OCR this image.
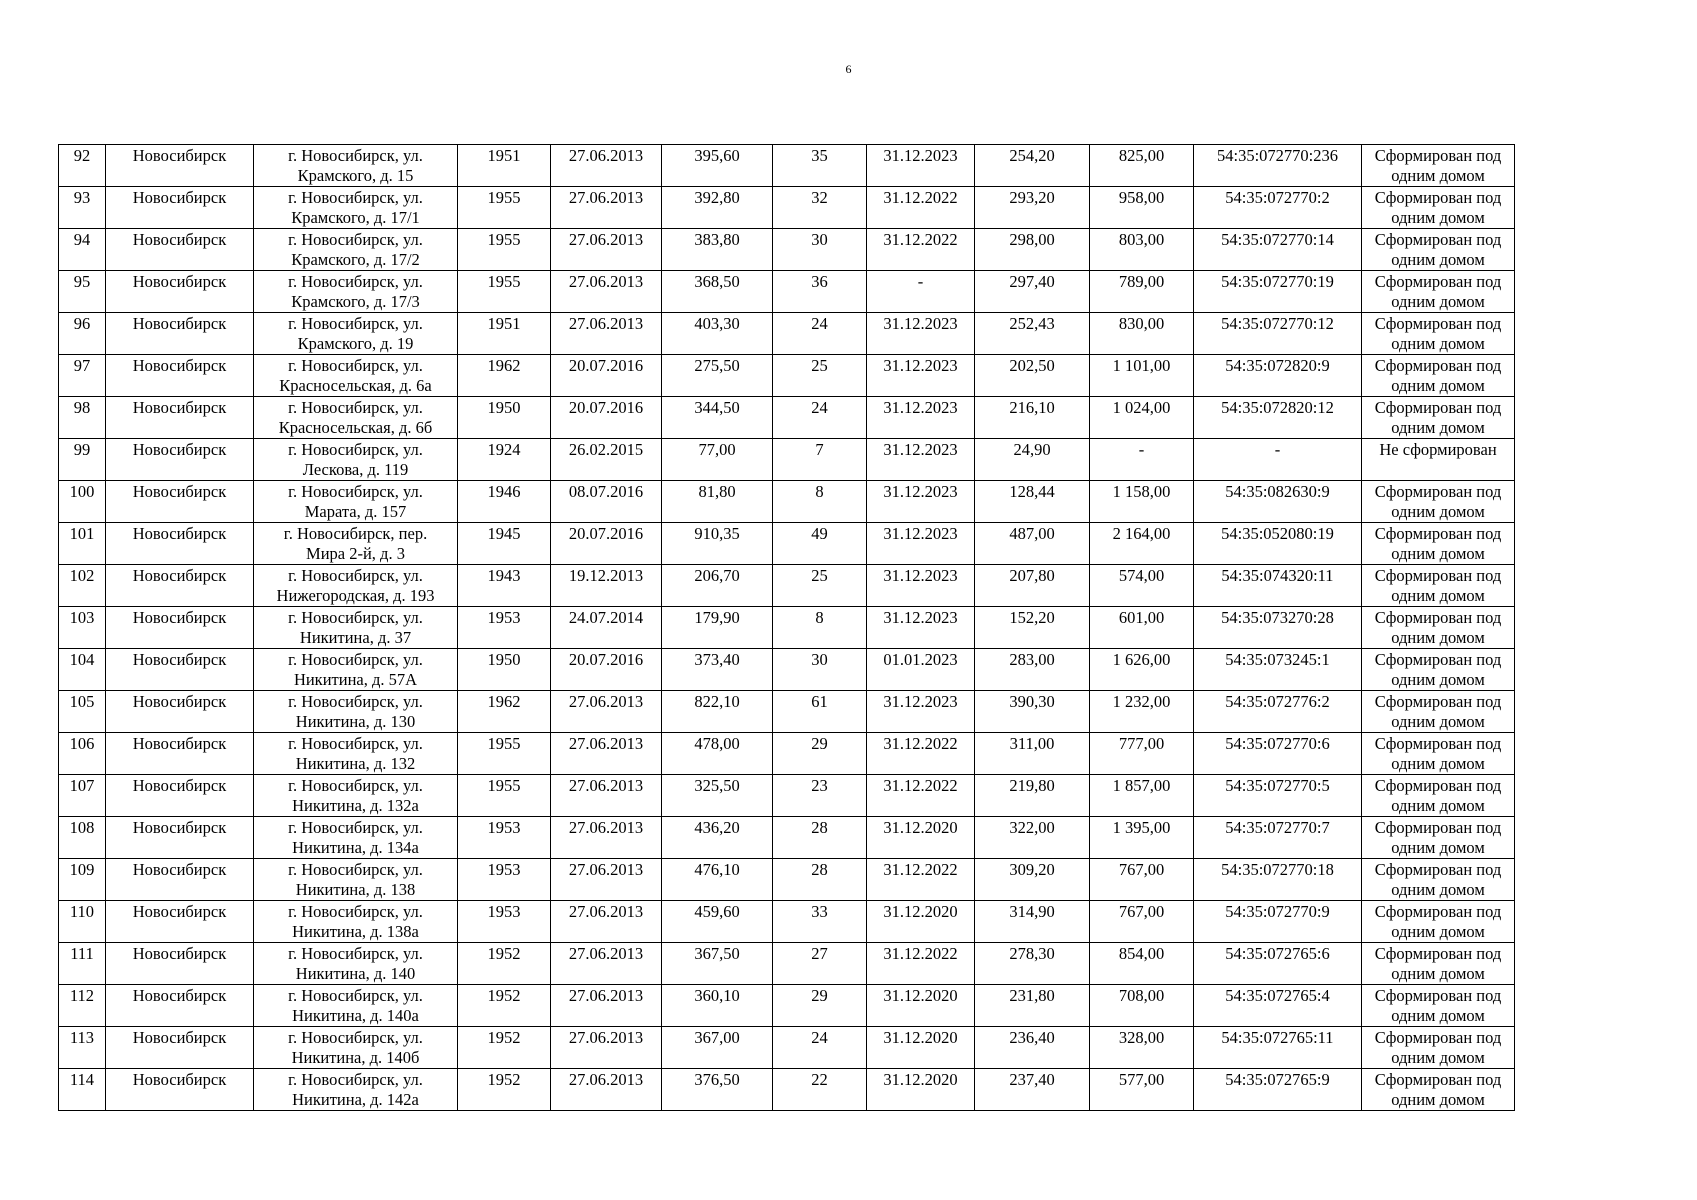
6
92	Новосибирск	г. Новосибирск, ул.
Крамского, д. 15	1951	27.06.2013	395,60	35	31.12.2023	254,20	825,00	54:35:072770:236	Сформирован под
одним домом
93	Новосибирск	г. Новосибирск, ул.
Крамского, д. 17/1	1955	27.06.2013	392,80	32	31.12.2022	293,20	958,00	54:35:072770:2	Сформирован под
одним домом
94	Новосибирск	г. Новосибирск, ул.
Крамского, д. 17/2	1955	27.06.2013	383,80	30	31.12.2022	298,00	803,00	54:35:072770:14	Сформирован под
одним домом
95	Новосибирск	г. Новосибирск, ул.
Крамского, д. 17/3	1955	27.06.2013	368,50	36	-	297,40	789,00	54:35:072770:19	Сформирован под
одним домом
96	Новосибирск	г. Новосибирск, ул.
Крамского, д. 19	1951	27.06.2013	403,30	24	31.12.2023	252,43	830,00	54:35:072770:12	Сформирован под
одним домом
97	Новосибирск	г. Новосибирск, ул.
Красносельская, д. 6а	1962	20.07.2016	275,50	25	31.12.2023	202,50	1 101,00	54:35:072820:9	Сформирован под
одним домом
98	Новосибирск	г. Новосибирск, ул.
Красносельская, д. 6б	1950	20.07.2016	344,50	24	31.12.2023	216,10	1 024,00	54:35:072820:12	Сформирован под
одним домом
99	Новосибирск	г. Новосибирск, ул.
Лескова, д. 119	1924	26.02.2015	77,00	7	31.12.2023	24,90	-	-	Не сформирован
100	Новосибирск	г. Новосибирск, ул.
Марата, д. 157	1946	08.07.2016	81,80	8	31.12.2023	128,44	1 158,00	54:35:082630:9	Сформирован под
одним домом
101	Новосибирск	г. Новосибирск, пер.
Мира 2-й, д. 3	1945	20.07.2016	910,35	49	31.12.2023	487,00	2 164,00	54:35:052080:19	Сформирован под
одним домом
102	Новосибирск	г. Новосибирск, ул.
Нижегородская, д. 193	1943	19.12.2013	206,70	25	31.12.2023	207,80	574,00	54:35:074320:11	Сформирован под
одним домом
103	Новосибирск	г. Новосибирск, ул.
Никитина, д. 37	1953	24.07.2014	179,90	8	31.12.2023	152,20	601,00	54:35:073270:28	Сформирован под
одним домом
104	Новосибирск	г. Новосибирск, ул.
Никитина, д. 57А	1950	20.07.2016	373,40	30	01.01.2023	283,00	1 626,00	54:35:073245:1	Сформирован под
одним домом
105	Новосибирск	г. Новосибирск, ул.
Никитина, д. 130	1962	27.06.2013	822,10	61	31.12.2023	390,30	1 232,00	54:35:072776:2	Сформирован под
одним домом
106	Новосибирск	г. Новосибирск, ул.
Никитина, д. 132	1955	27.06.2013	478,00	29	31.12.2022	311,00	777,00	54:35:072770:6	Сформирован под
одним домом
107	Новосибирск	г. Новосибирск, ул.
Никитина, д. 132а	1955	27.06.2013	325,50	23	31.12.2022	219,80	1 857,00	54:35:072770:5	Сформирован под
одним домом
108	Новосибирск	г. Новосибирск, ул.
Никитина, д. 134а	1953	27.06.2013	436,20	28	31.12.2020	322,00	1 395,00	54:35:072770:7	Сформирован под
одним домом
109	Новосибирск	г. Новосибирск, ул.
Никитина, д. 138	1953	27.06.2013	476,10	28	31.12.2022	309,20	767,00	54:35:072770:18	Сформирован под
одним домом
110	Новосибирск	г. Новосибирск, ул.
Никитина, д. 138а	1953	27.06.2013	459,60	33	31.12.2020	314,90	767,00	54:35:072770:9	Сформирован под
одним домом
111	Новосибирск	г. Новосибирск, ул.
Никитина, д. 140	1952	27.06.2013	367,50	27	31.12.2022	278,30	854,00	54:35:072765:6	Сформирован под
одним домом
112	Новосибирск	г. Новосибирск, ул.
Никитина, д. 140а	1952	27.06.2013	360,10	29	31.12.2020	231,80	708,00	54:35:072765:4	Сформирован под
одним домом
113	Новосибирск	г. Новосибирск, ул.
Никитина, д. 140б	1952	27.06.2013	367,00	24	31.12.2020	236,40	328,00	54:35:072765:11	Сформирован под
одним домом
114	Новосибирск	г. Новосибирск, ул.
Никитина, д. 142а	1952	27.06.2013	376,50	22	31.12.2020	237,40	577,00	54:35:072765:9	Сформирован под
одним домом
